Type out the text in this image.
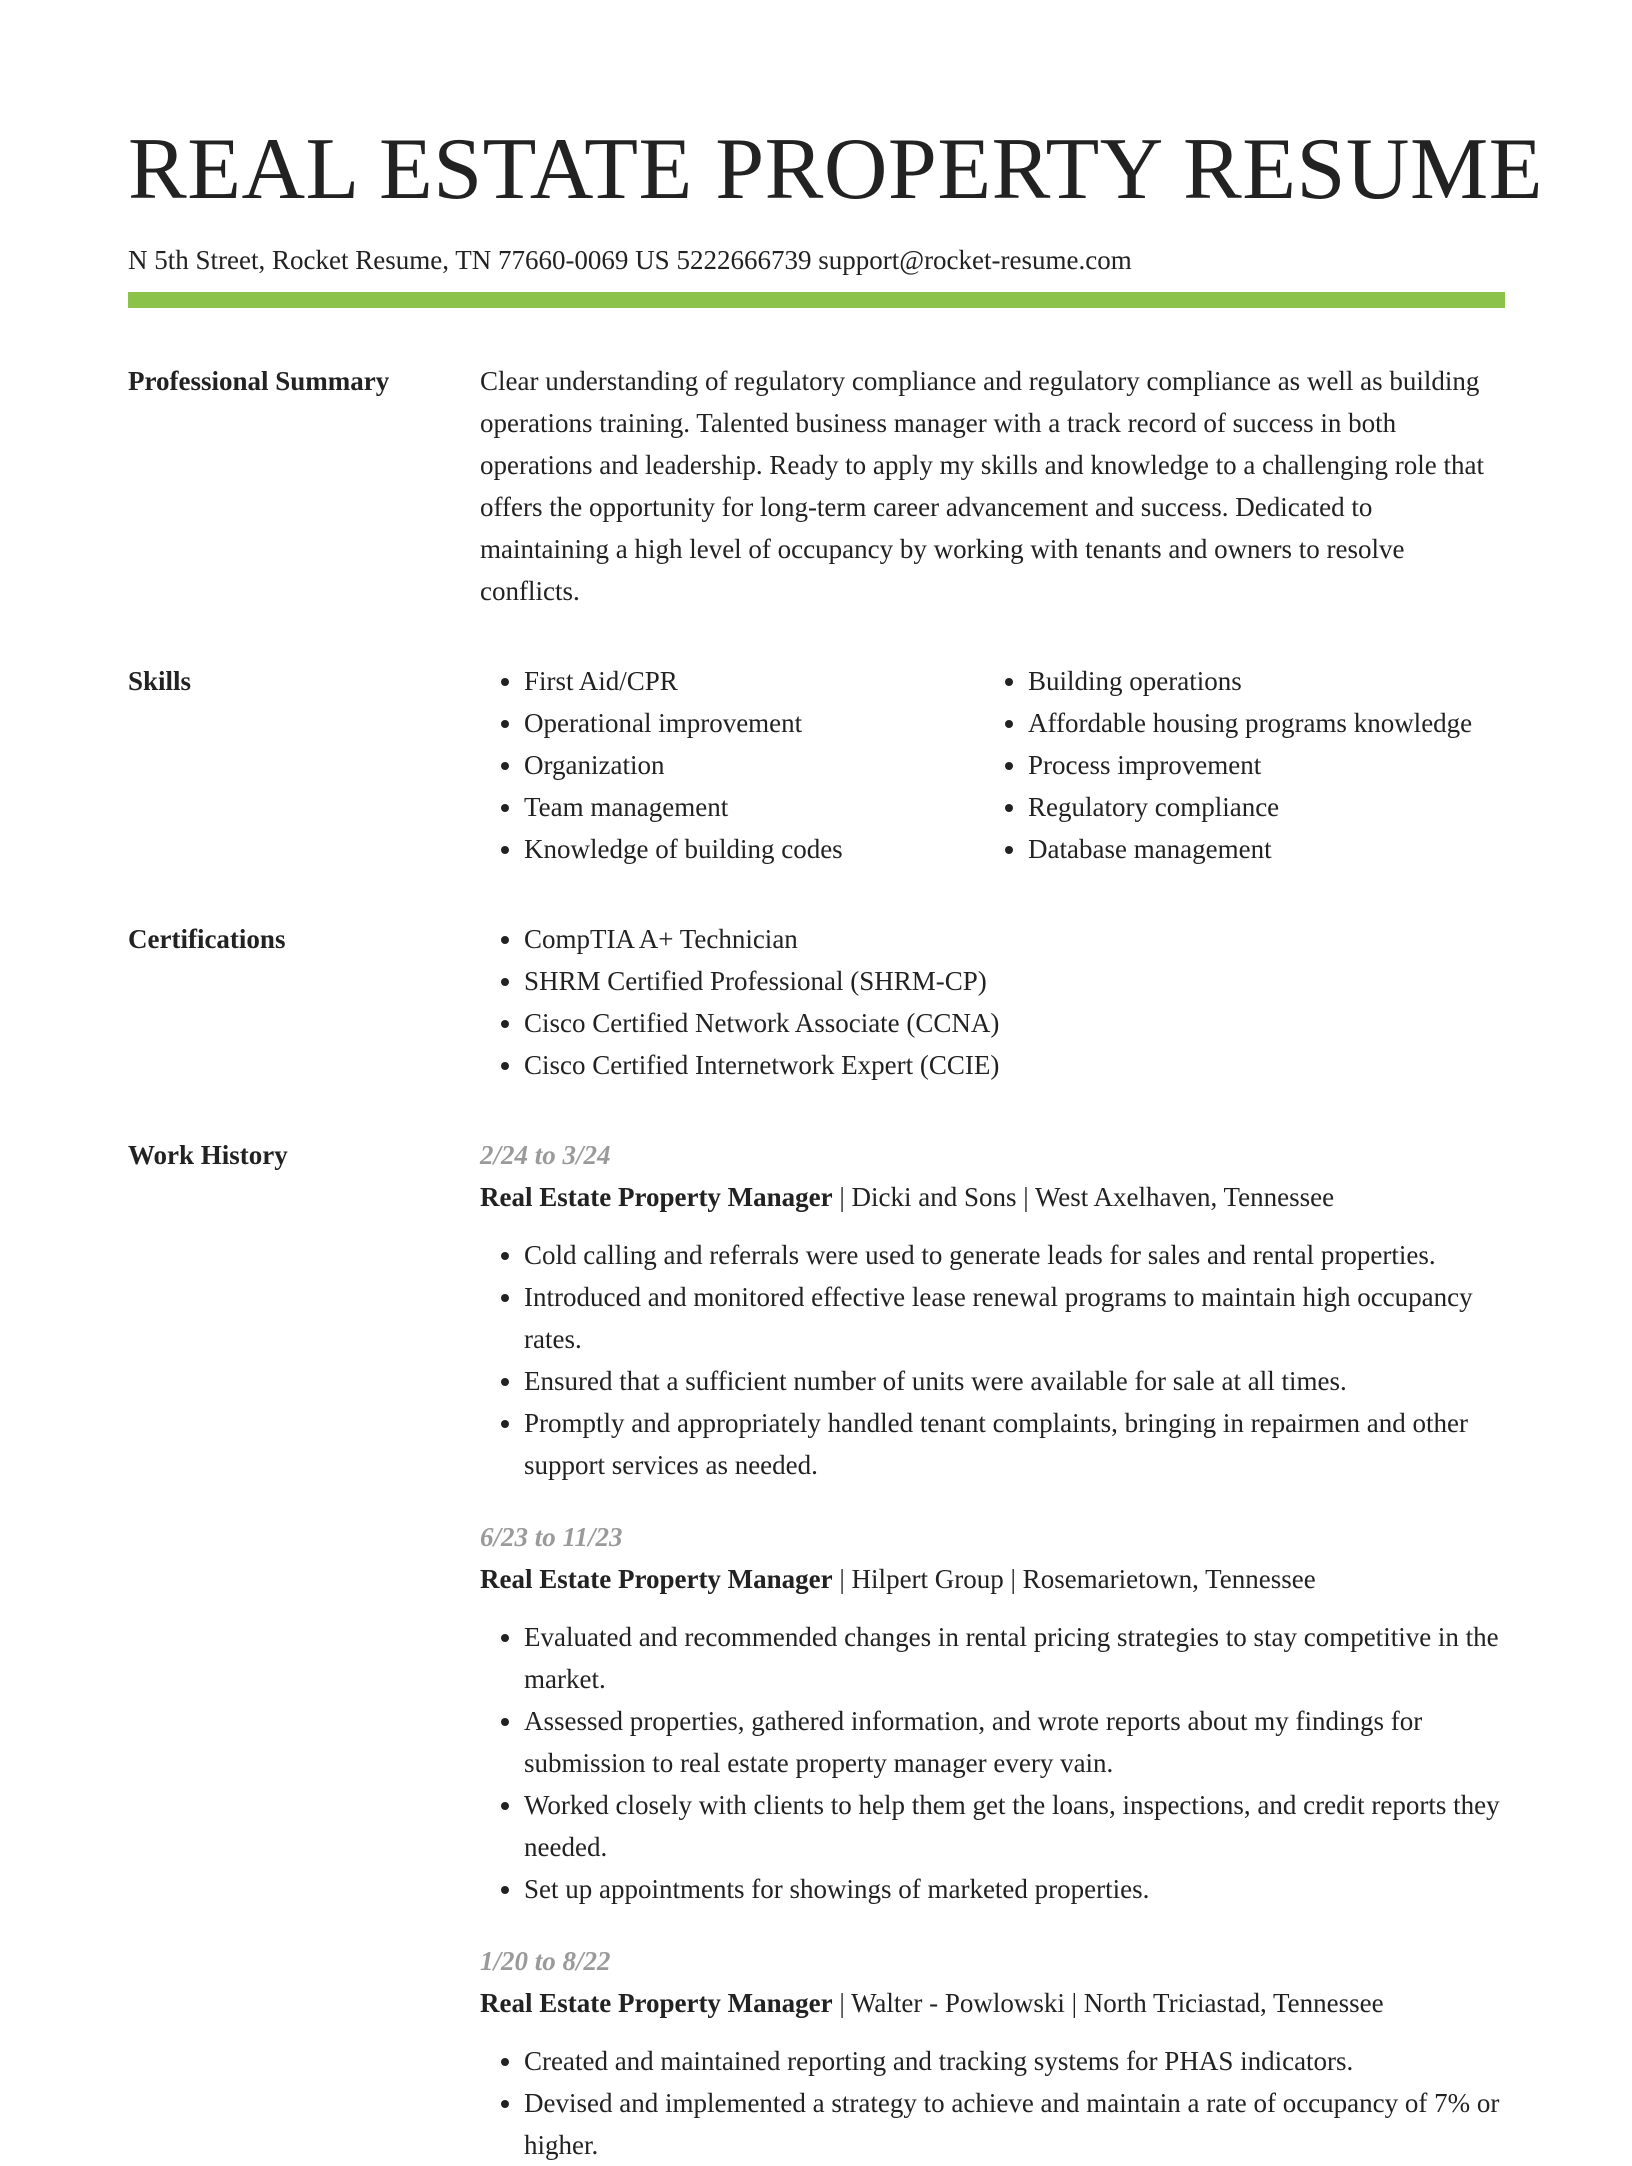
REAL ESTATE PROPERTY RESUME
N 5th Street, Rocket Resume, TN 77660-0069 US 5222666739 support@rocket-resume.com
Professional Summary	Clear understanding of regulatory compliance and regulatory compliance as well as building operations training. Talented business manager with a track record of success in both operations and leadership. Ready to apply my skills and knowledge to a challenging role that offers the opportunity for long-term career advancement and success. Dedicated to maintaining a high level of occupancy by working with tenants and owners to resolve conflicts.

Skills	• First Aid/CPR
• Operational improvement
• Organization
• Team management
• Knowledge of building codes
• Building operations
• Affordable housing programs knowledge
• Process improvement
• Regulatory compliance
• Database management
Certifications	• CompTIA A+ Technician
• SHRM Certified Professional (SHRM-CP)
• Cisco Certified Network Associate (CCNA)
• Cisco Certified Internetwork Expert (CCIE)
Work History	2/24 to 3/24
Real Estate Property Manager | Dicki and Sons | West Axelhaven, Tennessee
• Cold calling and referrals were used to generate leads for sales and rental properties.
• Introduced and monitored effective lease renewal programs to maintain high occupancy rates.
• Ensured that a sufficient number of units were available for sale at all times.
• Promptly and appropriately handled tenant complaints, bringing in repairmen and other support services as needed.
6/23 to 11/23
Real Estate Property Manager | Hilpert Group | Rosemarietown, Tennessee
• Evaluated and recommended changes in rental pricing strategies to stay competitive in the market.
• Assessed properties, gathered information, and wrote reports about my findings for submission to real estate property manager every vain.
• Worked closely with clients to help them get the loans, inspections, and credit reports they needed.
• Set up appointments for showings of marketed properties.
1/20 to 8/22
Real Estate Property Manager | Walter - Powlowski | North Triciastad, Tennessee
• Created and maintained reporting and tracking systems for PHAS indicators.
• Devised and implemented a strategy to achieve and maintain a rate of occupancy of 7% or higher.
